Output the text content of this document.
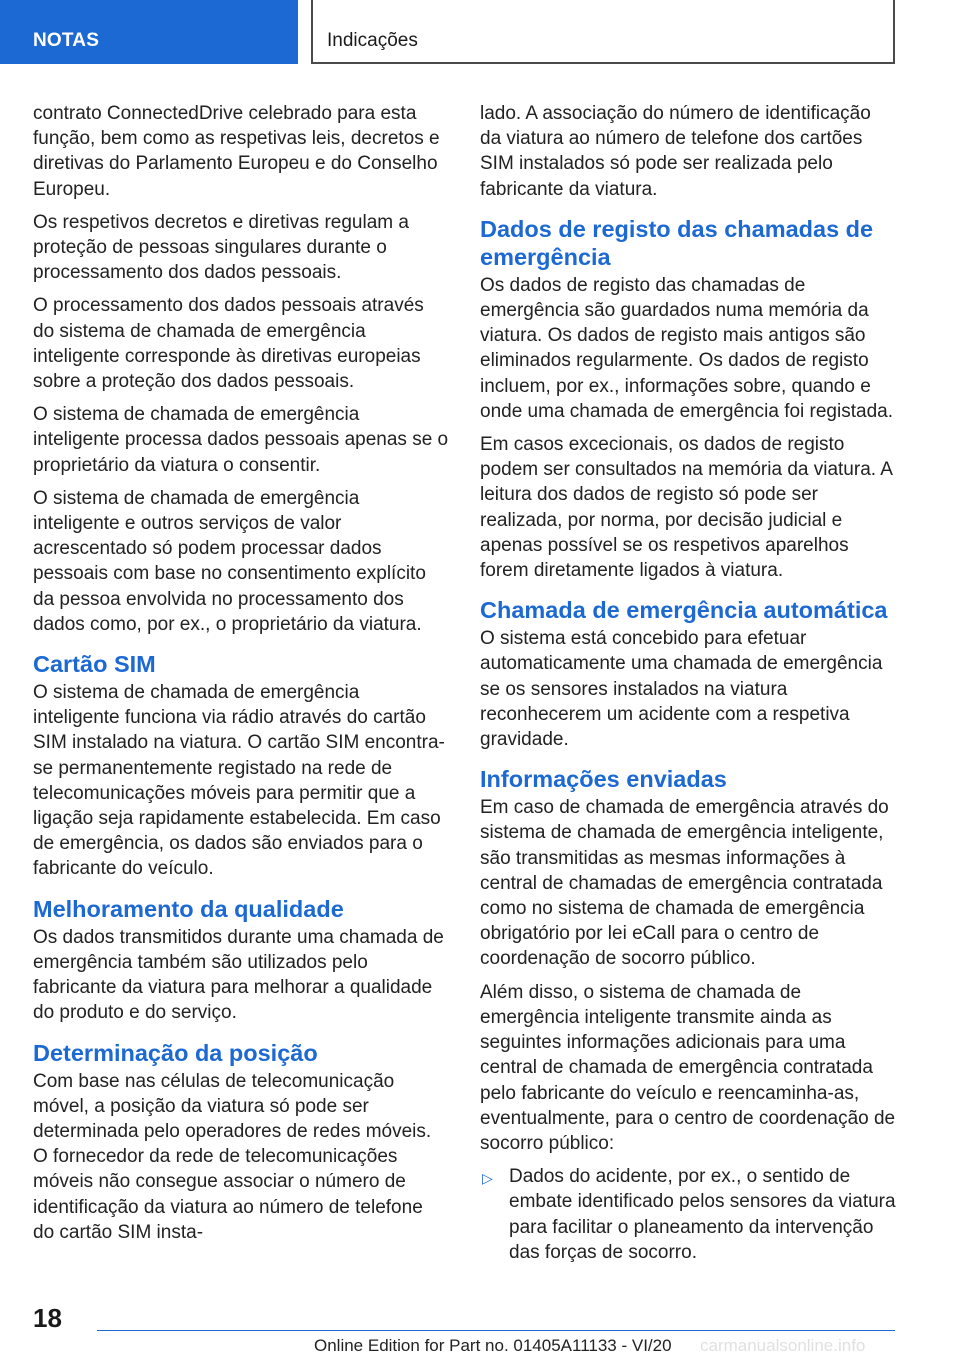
NOTAS	Indicações

contrato ConnectedDrive celebrado para esta função, bem como as respetivas leis, decretos e diretivas do Parlamento Europeu e do Conselho Europeu.

Os respetivos decretos e diretivas regulam a proteção de pessoas singulares durante o processamento dos dados pessoais.

O processamento dos dados pessoais através do sistema de chamada de emergência inteligente corresponde às diretivas europeias sobre a proteção dos dados pessoais.

O sistema de chamada de emergência inteligente processa dados pessoais apenas se o proprietário da viatura o consentir.

O sistema de chamada de emergência inteligente e outros serviços de valor acrescentado só podem processar dados pessoais com base no consentimento explícito da pessoa envolvida no processamento dos dados como, por ex., o proprietário da viatura.

Cartão SIM

O sistema de chamada de emergência inteligente funciona via rádio através do cartão SIM instalado na viatura. O cartão SIM encontra-se permanentemente registado na rede de telecomunicações móveis para permitir que a ligação seja rapidamente estabelecida. Em caso de emergência, os dados são enviados para o fabricante do veículo.

Melhoramento da qualidade

Os dados transmitidos durante uma chamada de emergência também são utilizados pelo fabricante da viatura para melhorar a qualidade do produto e do serviço.

Determinação da posição

Com base nas células de telecomunicação móvel, a posição da viatura só pode ser determinada pelo operadores de redes móveis. O fornecedor da rede de telecomunicações móveis não consegue associar o número de identificação da viatura ao número de telefone do cartão SIM insta-

lado. A associação do número de identificação da viatura ao número de telefone dos cartões SIM instalados só pode ser realizada pelo fabricante da viatura.

Dados de registo das chamadas de emergência

Os dados de registo das chamadas de emergência são guardados numa memória da viatura. Os dados de registo mais antigos são eliminados regularmente. Os dados de registo incluem, por ex., informações sobre, quando e onde uma chamada de emergência foi registada.

Em casos excecionais, os dados de registo podem ser consultados na memória da viatura. A leitura dos dados de registo só pode ser realizada, por norma, por decisão judicial e apenas possível se os respetivos aparelhos forem diretamente ligados à viatura.

Chamada de emergência automática

O sistema está concebido para efetuar automaticamente uma chamada de emergência se os sensores instalados na viatura reconhecerem um acidente com a respetiva gravidade.

Informações enviadas

Em caso de chamada de emergência através do sistema de chamada de emergência inteligente, são transmitidas as mesmas informações à central de chamadas de emergência contratada como no sistema de chamada de emergência obrigatório por lei eCall para o centro de coordenação de socorro público.

Além disso, o sistema de chamada de emergência inteligente transmite ainda as seguintes informações adicionais para uma central de chamada de emergência contratada pelo fabricante do veículo e reencaminha-as, eventualmente, para o centro de coordenação de socorro público:

▷ Dados do acidente, por ex., o sentido de embate identificado pelos sensores da viatura para facilitar o planeamento da intervenção das forças de socorro.
18
Online Edition for Part no. 01405A11133 - VI/20 carmanualsonline.info
